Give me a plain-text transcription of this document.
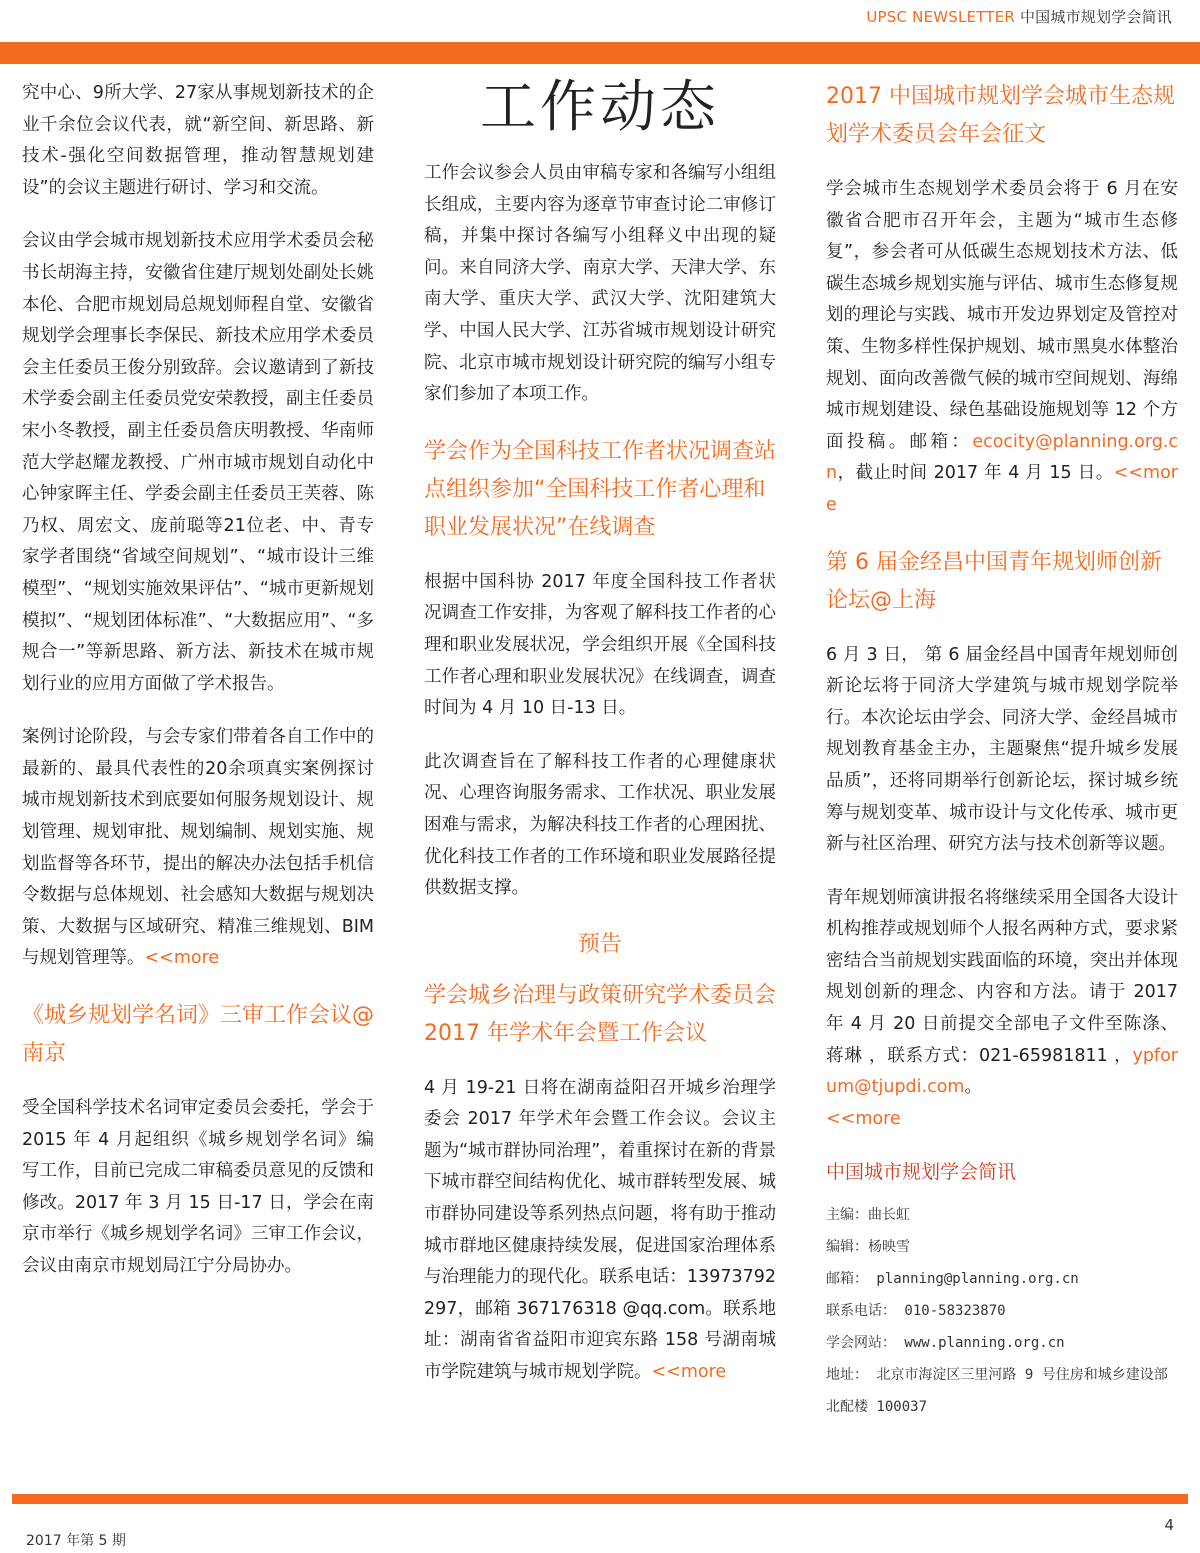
UPSC NEWSLETTER 中国城市规划学会简讯

究中心、9所大学、27家从事规划新技术的企业千余位会议代表，就“新空间、新思路、新技术-强化空间数据管理，推动智慧规划建设”的会议主题进行研讨、学习和交流。

会议由学会城市规划新技术应用学术委员会秘书长胡海主持，安徽省住建厅规划处副处长姚本伦、合肥市规划局总规划师程自堂、安徽省规划学会理事长李保民、新技术应用学术委员会主任委员王俊分别致辞。会议邀请到了新技术学委会副主任委员党安荣教授，副主任委员宋小冬教授，副主任委员詹庆明教授、华南师范大学赵耀龙教授、广州市城市规划自动化中心钟家晖主任、学委会副主任委员王芙蓉、陈乃权、周宏文、庞前聪等21位老、中、青专家学者围绕“省域空间规划”、“城市设计三维模型”、“规划实施效果评估”、“城市更新规划模拟”、“规划团体标准”、“大数据应用”、“多规合一”等新思路、新方法、新技术在城市规划行业的应用方面做了学术报告。

案例讨论阶段，与会专家们带着各自工作中的最新的、最具代表性的20余项真实案例探讨城市规划新技术到底要如何服务规划设计、规划管理、规划审批、规划编制、规划实施、规划监督等各环节，提出的解决办法包括手机信令数据与总体规划、社会感知大数据与规划决策、大数据与区域研究、精准三维规划、BIM 与规划管理等。<<more

《城乡规划学名词》三审工作会议@南京

受全国科学技术名词审定委员会委托，学会于 2015 年 4 月起组织《城乡规划学名词》编写工作，目前已完成二审稿委员意见的反馈和修改。2017 年 3 月 15 日-17 日，学会在南京市举行《城乡规划学名词》三审工作会议，会议由南京市规划局江宁分局协办。

工作动态

工作会议参会人员由审稿专家和各编写小组组长组成，主要内容为逐章节审查讨论二审修订稿，并集中探讨各编写小组释义中出现的疑问。来自同济大学、南京大学、天津大学、东南大学、重庆大学、武汉大学、沈阳建筑大学、中国人民大学、江苏省城市规划设计研究院、北京市城市规划设计研究院的编写小组专家们参加了本项工作。

学会作为全国科技工作者状况调查站点组织参加“全国科技工作者心理和职业发展状况”在线调查

根据中国科协 2017 年度全国科技工作者状况调查工作安排，为客观了解科技工作者的心理和职业发展状况，学会组织开展《全国科技工作者心理和职业发展状况》在线调查，调查时间为 4 月 10 日-13 日。

此次调查旨在了解科技工作者的心理健康状况、心理咨询服务需求、工作状况、职业发展困难与需求，为解决科技工作者的心理困扰、优化科技工作者的工作环境和职业发展路径提供数据支撑。

预告
学会城乡治理与政策研究学术委员会 2017 年学术年会暨工作会议

4 月 19-21 日将在湖南益阳召开城乡治理学委会 2017 年学术年会暨工作会议。会议主题为“城市群协同治理”，着重探讨在新的背景下城市群空间结构优化、城市群转型发展、城市群协同建设等系列热点问题，将有助于推动城市群地区健康持续发展，促进国家治理体系与治理能力的现代化。联系电话：13973792297，邮箱 367176318 @qq.com。联系地址：湖南省省益阳市迎宾东路 158 号湖南城市学院建筑与城市规划学院。<<more

2017 中国城市规划学会城市生态规划学术委员会年会征文

学会城市生态规划学术委员会将于 6 月在安徽省合肥市召开年会，主题为“城市生态修复”，参会者可从低碳生态规划技术方法、低碳生态城乡规划实施与评估、城市生态修复规划的理论与实践、城市开发边界划定及管控对策、生物多样性保护规划、城市黑臭水体整治规划、面向改善微气候的城市空间规划、海绵城市规划建设、绿色基础设施规划等 12 个方面投稿。邮箱：ecocity@planning.org.cn，截止时间 2017 年 4 月 15 日。<<more

第 6 届金经昌中国青年规划师创新论坛@上海

6 月 3 日， 第 6 届金经昌中国青年规划师创新论坛将于同济大学建筑与城市规划学院举行。本次论坛由学会、同济大学、金经昌城市规划教育基金主办，主题聚焦“提升城乡发展品质”，还将同期举行创新论坛，探讨城乡统筹与规划变革、城市设计与文化传承、城市更新与社区治理、研究方法与技术创新等议题。

青年规划师演讲报名将继续采用全国各大设计机构推荐或规划师个人报名两种方式，要求紧密结合当前规划实践面临的环境，突出并体现规划创新的理念、内容和方法。请于 2017 年 4 月 20 日前提交全部电子文件至陈涤、蒋琳 ，联系方式：021-65981811 ，ypforum@tjupdi.com。
<<more

中国城市规划学会简讯
主编：曲长虹
编辑：杨映雪
邮箱： planning@planning.org.cn
联系电话： 010-58323870
学会网站： www.planning.org.cn
地址： 北京市海淀区三里河路 9 号住房和城乡建设部北配楼 100037
2017 年第 5 期
4
